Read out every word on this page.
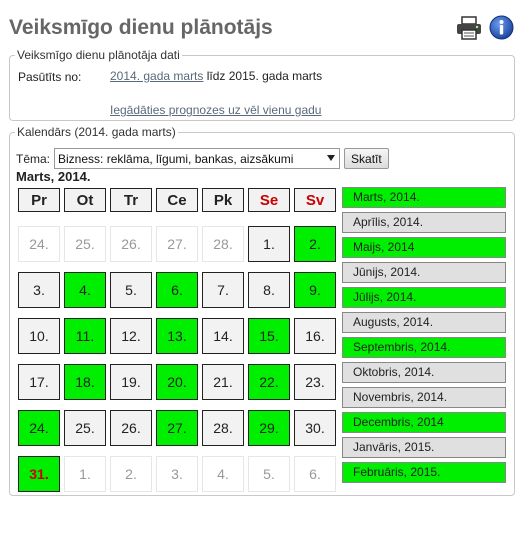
Veiksmīgo dienu plānotājs
Veiksmīgo dienu plānotāja dati
Pasūtīts no: 2014. gada marts līdz 2015. gada marts
Iegādāties prognozes uz vēl vienu gadu
Kalendārs (2014. gada marts)
Tēma: Bizness: reklāma, līgumi, bankas, aizsākumi	Skatīt
Marts, 2014.
Pr	Ot	Tr	Ce	Pk	Se	Sv
24.	25.	26.	27.	28.	1.	2.
3.	4.	5.	6.	7.	8.	9.
10.	11.	12.	13.	14.	15.	16.
17.	18.	19.	20.	21.	22.	23.
24.	25.	26.	27.	28.	29.	30.
31.	1.	2.	3.	4.	5.	6.
Marts, 2014.
Aprīlis, 2014.
Maijs, 2014
Jūnijs, 2014.
Jūlijs, 2014.
Augusts, 2014.
Septembris, 2014.
Oktobris, 2014.
Novembris, 2014.
Decembris, 2014
Janvāris, 2015.
Februāris, 2015.
